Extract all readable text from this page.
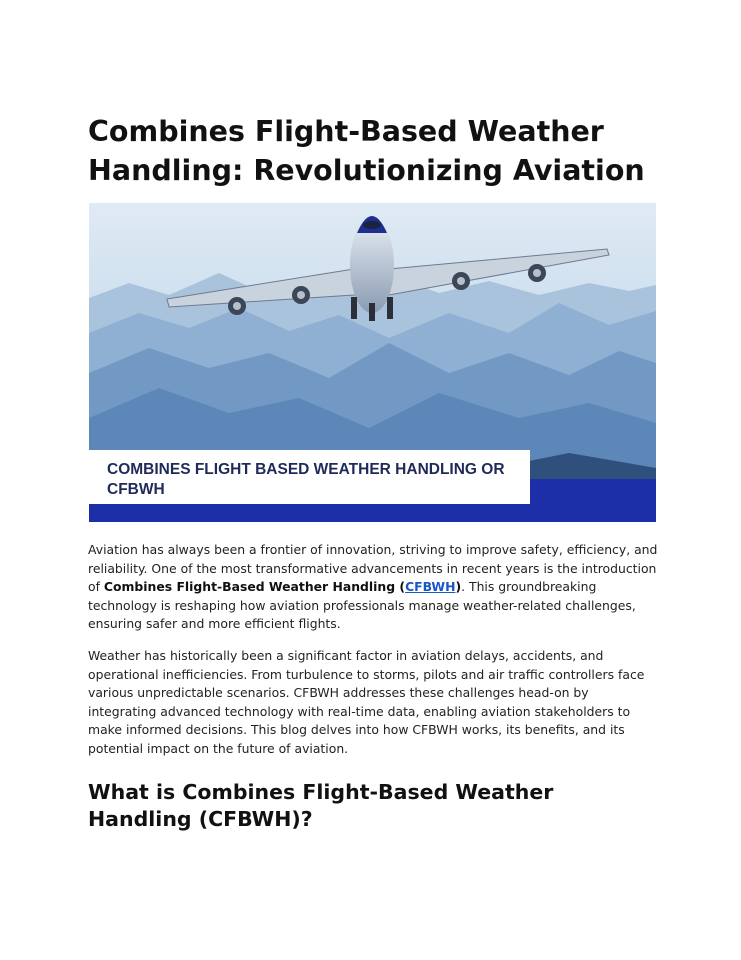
Combines Flight-Based Weather Handling: Revolutionizing Aviation
COMBINES FLIGHT BASED WEATHER HANDLING OR CFBWH

Aviation has always been a frontier of innovation, striving to improve safety, efficiency, and reliability. One of the most transformative advancements in recent years is the introduction of Combines Flight-Based Weather Handling (CFBWH). This groundbreaking technology is reshaping how aviation professionals manage weather-related challenges, ensuring safer and more efficient flights.

Weather has historically been a significant factor in aviation delays, accidents, and operational inefficiencies. From turbulence to storms, pilots and air traffic controllers face various unpredictable scenarios. CFBWH addresses these challenges head-on by integrating advanced technology with real-time data, enabling aviation stakeholders to make informed decisions. This blog delves into how CFBWH works, its benefits, and its potential impact on the future of aviation.

What is Combines Flight-Based Weather Handling (CFBWH)?
